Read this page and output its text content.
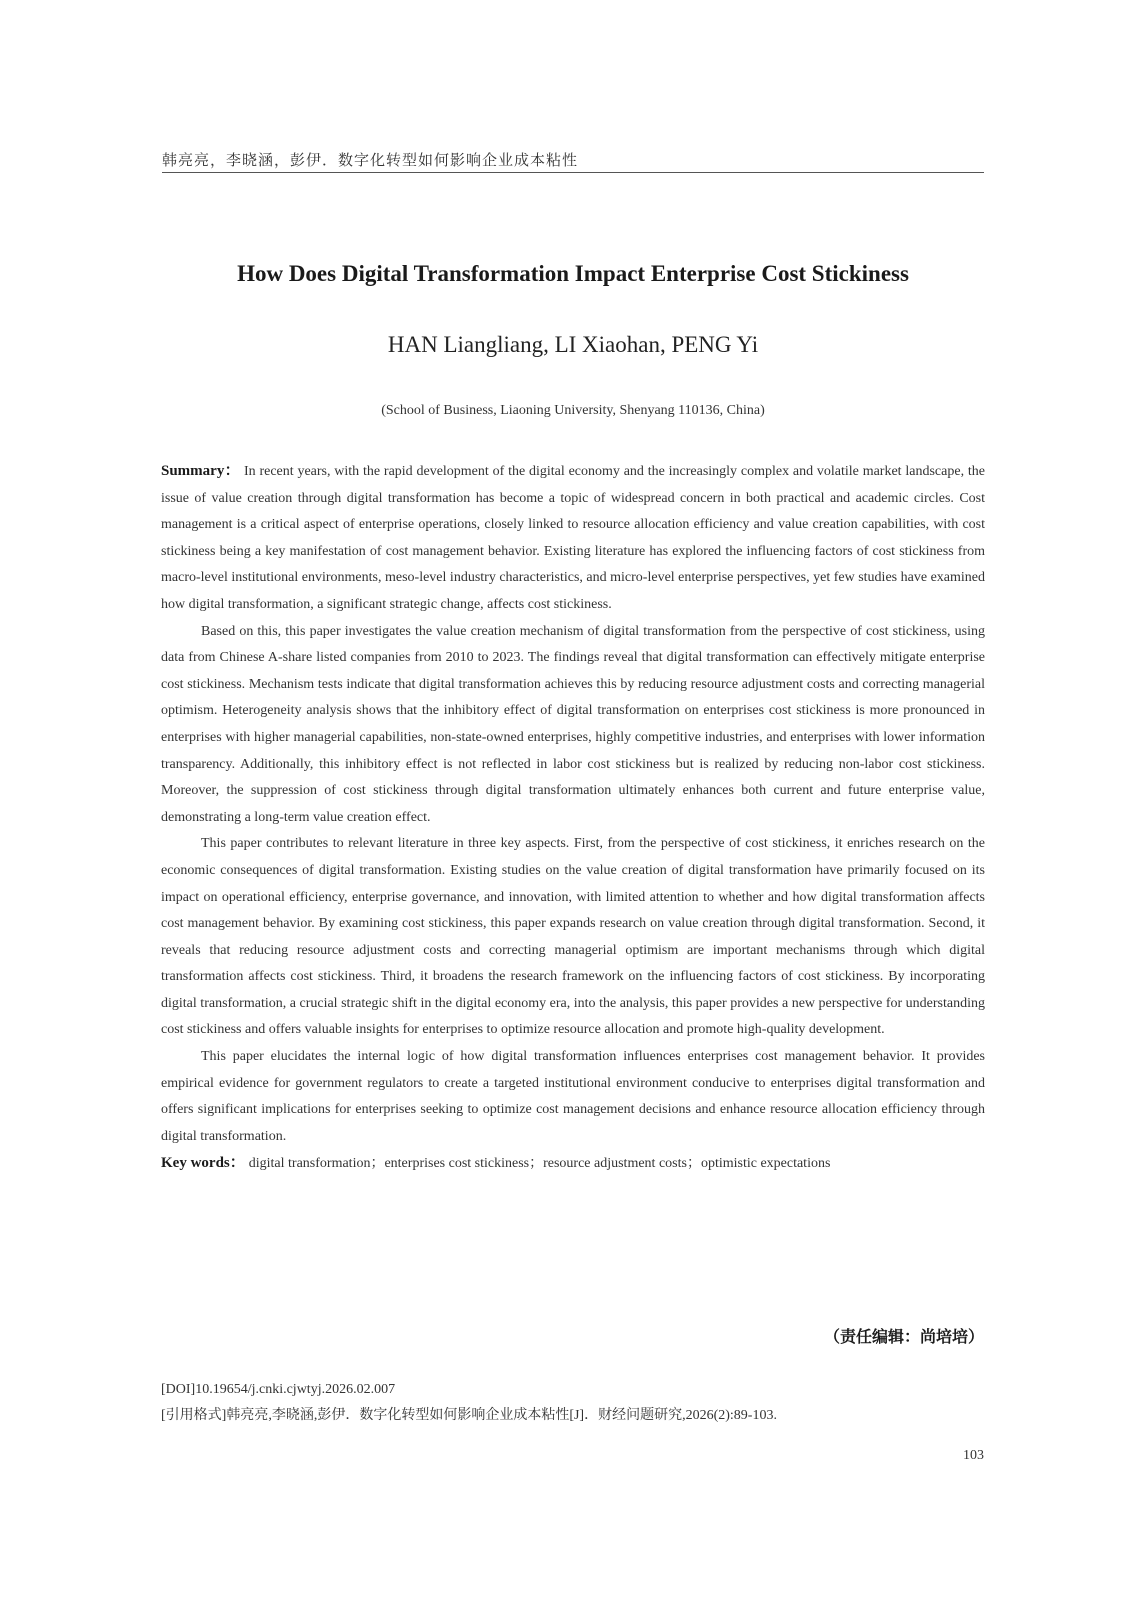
韩亮亮，李晓涵，彭伊．数字化转型如何影响企业成本粘性
How Does Digital Transformation Impact Enterprise Cost Stickiness
HAN Liangliang, LI Xiaohan, PENG Yi
(School of Business, Liaoning University, Shenyang 110136, China)

Summary： In recent years, with the rapid development of the digital economy and the increasingly complex and volatile market landscape, the issue of value creation through digital transformation has become a topic of widespread concern in both practical and academic circles. Cost management is a critical aspect of enterprise operations, closely linked to resource allocation efficiency and value creation capabilities, with cost stickiness being a key manifestation of cost management behavior. Existing literature has explored the influencing factors of cost stickiness from macro-level institutional environments, meso-level industry characteristics, and micro-level enterprise perspectives, yet few studies have examined how digital transformation, a significant strategic change, affects cost stickiness.

Based on this, this paper investigates the value creation mechanism of digital transformation from the perspective of cost stickiness, using data from Chinese A-share listed companies from 2010 to 2023. The findings reveal that digital transformation can effectively mitigate enterprise cost stickiness. Mechanism tests indicate that digital transformation achieves this by reducing resource adjustment costs and correcting managerial optimism. Heterogeneity analysis shows that the inhibitory effect of digital transformation on enterprises cost stickiness is more pronounced in enterprises with higher managerial capabilities, non-state-owned enterprises, highly competitive industries, and enterprises with lower information transparency. Additionally, this inhibitory effect is not reflected in labor cost stickiness but is realized by reducing non-labor cost stickiness. Moreover, the suppression of cost stickiness through digital transformation ultimately enhances both current and future enterprise value, demonstrating a long-term value creation effect.

This paper contributes to relevant literature in three key aspects. First, from the perspective of cost stickiness, it enriches research on the economic consequences of digital transformation. Existing studies on the value creation of digital transformation have primarily focused on its impact on operational efficiency, enterprise governance, and innovation, with limited attention to whether and how digital transformation affects cost management behavior. By examining cost stickiness, this paper expands research on value creation through digital transformation. Second, it reveals that reducing resource adjustment costs and correcting managerial optimism are important mechanisms through which digital transformation affects cost stickiness. Third, it broadens the research framework on the influencing factors of cost stickiness. By incorporating digital transformation, a crucial strategic shift in the digital economy era, into the analysis, this paper provides a new perspective for understanding cost stickiness and offers valuable insights for enterprises to optimize resource allocation and promote high-quality development.

This paper elucidates the internal logic of how digital transformation influences enterprises cost management behavior. It provides empirical evidence for government regulators to create a targeted institutional environment conducive to enterprises digital transformation and offers significant implications for enterprises seeking to optimize cost management decisions and enhance resource allocation efficiency through digital transformation.

Key words： digital transformation；enterprises cost stickiness；resource adjustment costs；optimistic expectations

（责任编辑：尚培培）
[DOI]10.19654/j.cnki.cjwtyj.2026.02.007
[引用格式]韩亮亮,李晓涵,彭伊．数字化转型如何影响企业成本粘性[J]．财经问题研究,2026(2):89-103.
103
